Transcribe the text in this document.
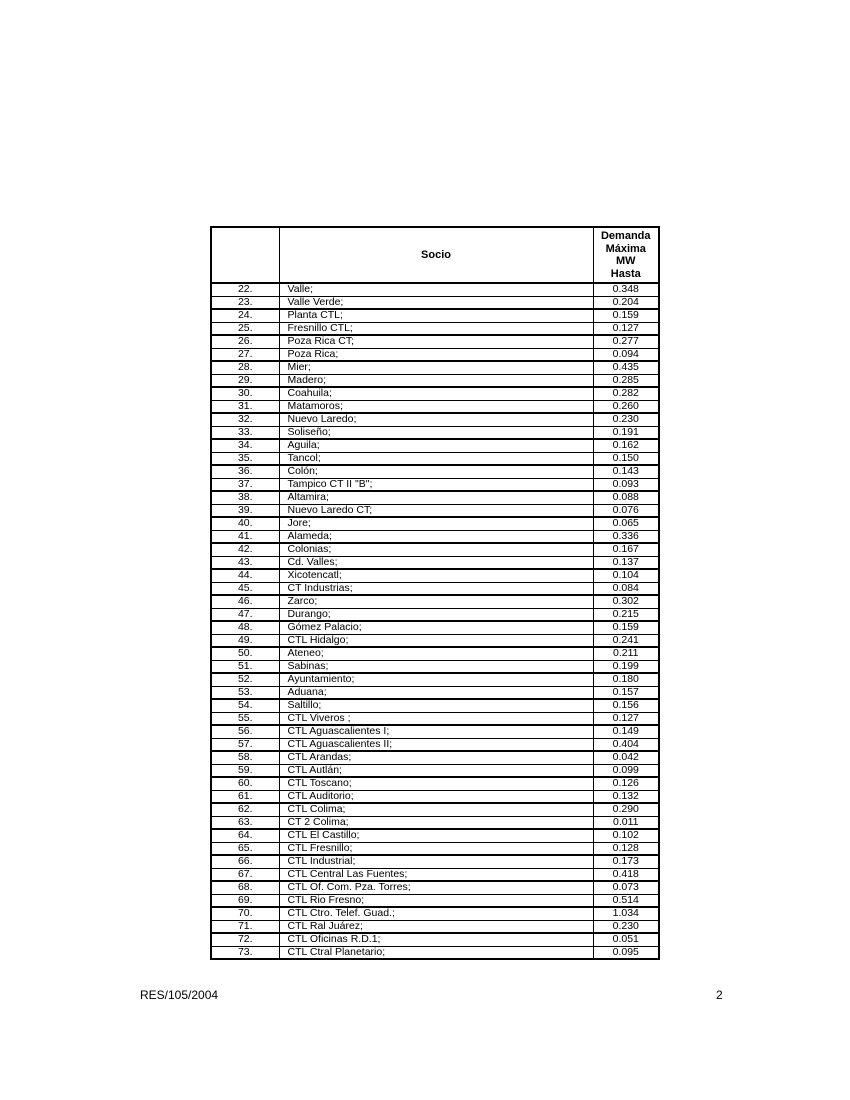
	Socio	Demanda Máxima MW Hasta
22.	Valle;	0.348
23.	Valle Verde;	0.204
24.	Planta CTL;	0.159
25.	Fresnillo CTL;	0.127
26.	Poza Rica CT;	0.277
27.	Poza Rica;	0.094
28.	Mier;	0.435
29.	Madero;	0.285
30.	Coahuila;	0.282
31.	Matamoros;	0.260
32.	Nuevo Laredo;	0.230
33.	Soliseño;	0.191
34.	Aguila;	0.162
35.	Tancol;	0.150
36.	Colón;	0.143
37.	Tampico CT II "B";	0.093
38.	Altamira;	0.088
39.	Nuevo Laredo CT;	0.076
40.	Jore;	0.065
41.	Alameda;	0.336
42.	Colonias;	0.167
43.	Cd. Valles;	0.137
44.	Xicotencatl;	0.104
45.	CT Industrias;	0.084
46.	Zarco;	0.302
47.	Durango;	0.215
48.	Gómez Palacio;	0.159
49.	CTL Hidalgo;	0.241
50.	Ateneo;	0.211
51.	Sabinas;	0.199
52.	Ayuntamiento;	0.180
53.	Aduana;	0.157
54.	Saltillo;	0.156
55.	CTL Viveros ;	0.127
56.	CTL Aguascalientes I;	0.149
57.	CTL Aguascalientes II;	0.404
58.	CTL Arandas;	0.042
59.	CTL Autlán;	0.099
60.	CTL Toscano;	0.126
61.	CTL Auditorio;	0.132
62.	CTL Colima;	0.290
63.	CT 2 Colima;	0.011
64.	CTL El Castillo;	0.102
65.	CTL Fresnillo;	0.128
66.	CTL Industrial;	0.173
67.	CTL Central Las Fuentes;	0.418
68.	CTL Of. Com. Pza. Torres;	0.073
69.	CTL Rio Fresno;	0.514
70.	CTL Ctro. Telef. Guad.;	1.034
71.	CTL Ral Juárez;	0.230
72.	CTL Oficinas R.D.1;	0.051
73.	CTL Ctral Planetario;	0.095
RES/105/2004	2
